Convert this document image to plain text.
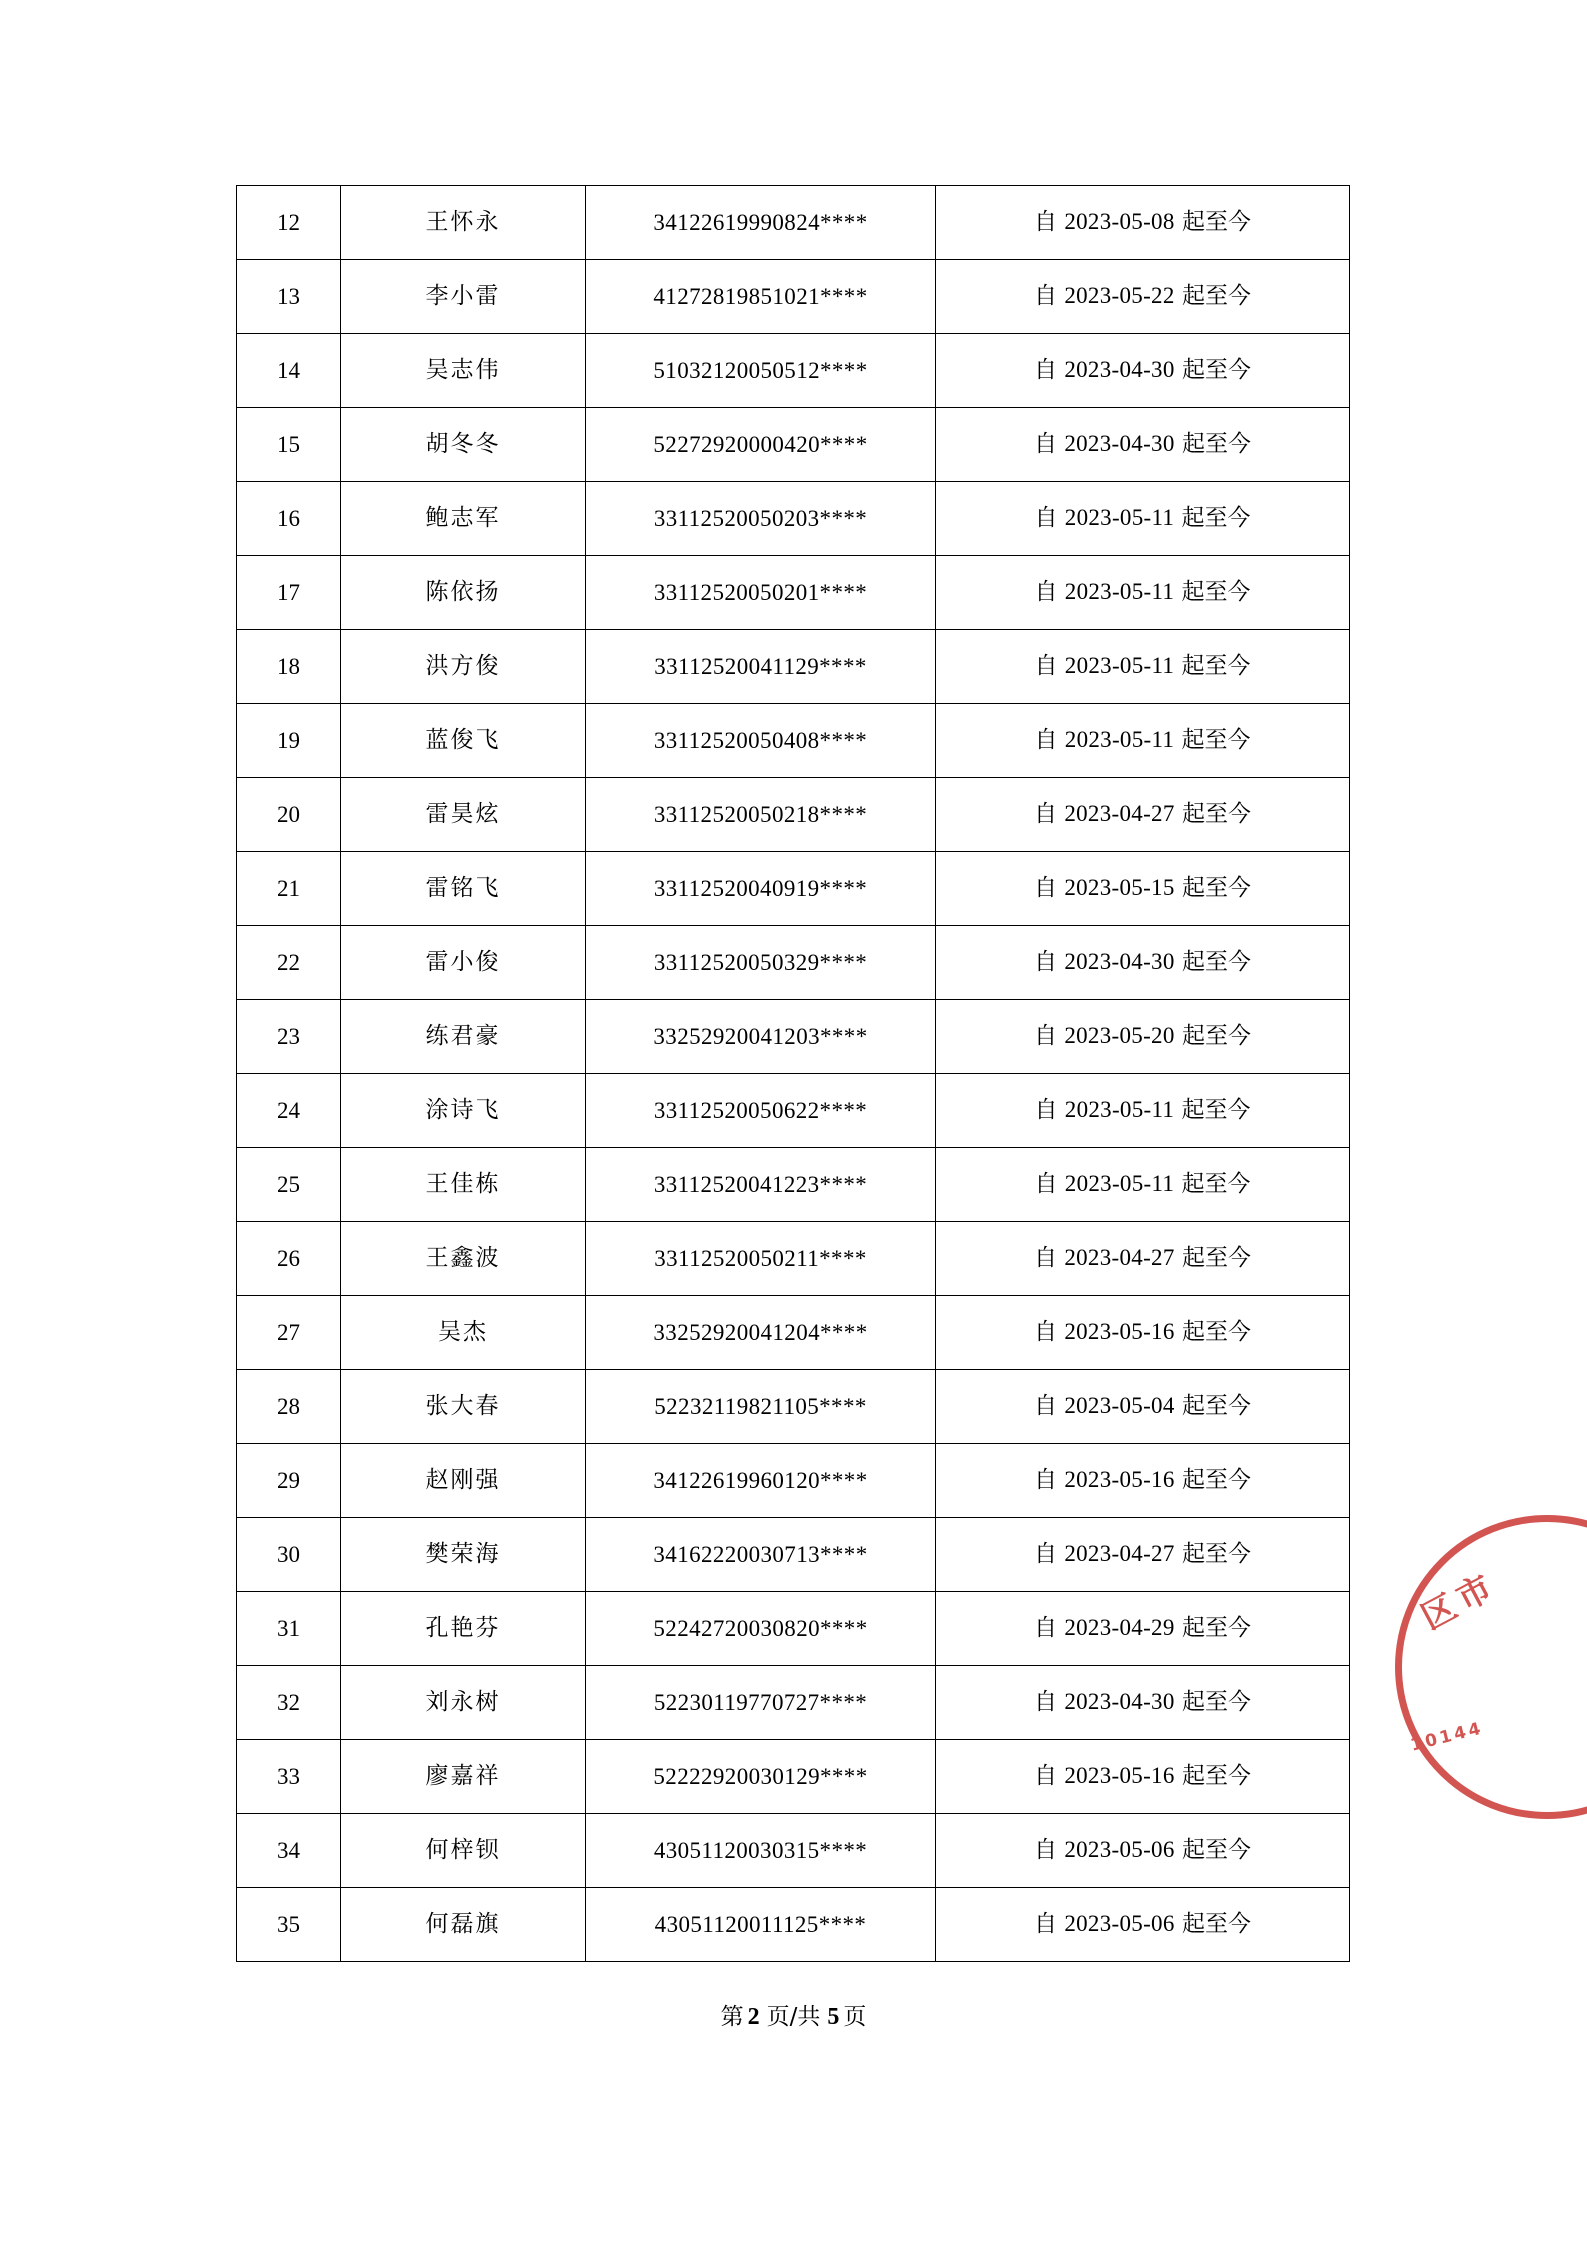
12	王怀永	34122619990824****	自 2023-05-08 起至今
13	李小雷	41272819851021****	自 2023-05-22 起至今
14	吴志伟	51032120050512****	自 2023-04-30 起至今
15	胡冬冬	52272920000420****	自 2023-04-30 起至今
16	鲍志军	33112520050203****	自 2023-05-11 起至今
17	陈依扬	33112520050201****	自 2023-05-11 起至今
18	洪方俊	33112520041129****	自 2023-05-11 起至今
19	蓝俊飞	33112520050408****	自 2023-05-11 起至今
20	雷昊炫	33112520050218****	自 2023-04-27 起至今
21	雷铭飞	33112520040919****	自 2023-05-15 起至今
22	雷小俊	33112520050329****	自 2023-04-30 起至今
23	练君豪	33252920041203****	自 2023-05-20 起至今
24	涂诗飞	33112520050622****	自 2023-05-11 起至今
25	王佳栋	33112520041223****	自 2023-05-11 起至今
26	王鑫波	33112520050211****	自 2023-04-27 起至今
27	吴杰	33252920041204****	自 2023-05-16 起至今
28	张大春	52232119821105****	自 2023-05-04 起至今
29	赵刚强	34122619960120****	自 2023-05-16 起至今
30	樊荣海	34162220030713****	自 2023-04-27 起至今
31	孔艳芬	52242720030820****	自 2023-04-29 起至今
32	刘永树	52230119770727****	自 2023-04-30 起至今
33	廖嘉祥	52222920030129****	自 2023-05-16 起至今
34	何梓钡	43051120030315****	自 2023-05-06 起至今
35	何磊旗	43051120011125****	自 2023-05-06 起至今
第 2 页/共 5 页
区市
10144
